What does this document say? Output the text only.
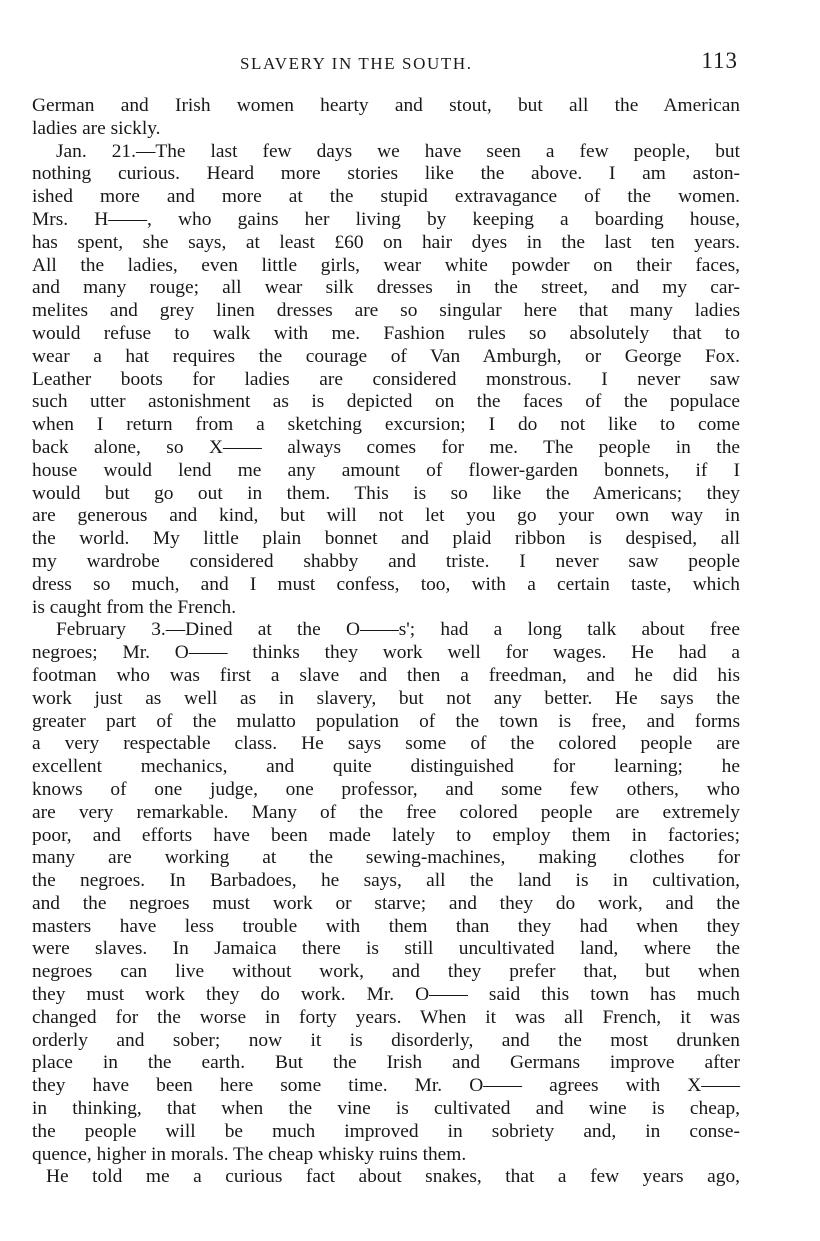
SLAVERY IN THE SOUTH.	113
German and Irish women hearty and stout, but all the American
ladies are sickly.
Jan. 21.—The last few days we have seen a few people, but
nothing curious. Heard more stories like the above. I am aston-
ished more and more at the stupid extravagance of the women.
Mrs. H——, who gains her living by keeping a boarding house,
has spent, she says, at least £60 on hair dyes in the last ten years.
All the ladies, even little girls, wear white powder on their faces,
and many rouge; all wear silk dresses in the street, and my car-
melites and grey linen dresses are so singular here that many ladies
would refuse to walk with me. Fashion rules so absolutely that to
wear a hat requires the courage of Van Amburgh, or George Fox.
Leather boots for ladies are considered monstrous. I never saw
such utter astonishment as is depicted on the faces of the populace
when I return from a sketching excursion; I do not like to come
back alone, so X—— always comes for me. The people in the
house would lend me any amount of flower-garden bonnets, if I
would but go out in them. This is so like the Americans; they
are generous and kind, but will not let you go your own way in
the world. My little plain bonnet and plaid ribbon is despised, all
my wardrobe considered shabby and triste. I never saw people
dress so much, and I must confess, too, with a certain taste, which
is caught from the French.
February 3.—Dined at the O——s'; had a long talk about free
negroes; Mr. O—— thinks they work well for wages. He had a
footman who was first a slave and then a freedman, and he did his
work just as well as in slavery, but not any better. He says the
greater part of the mulatto population of the town is free, and forms
a very respectable class. He says some of the colored people are
excellent mechanics, and quite distinguished for learning; he
knows of one judge, one professor, and some few others, who
are very remarkable. Many of the free colored people are extremely
poor, and efforts have been made lately to employ them in factories;
many are working at the sewing-machines, making clothes for
the negroes. In Barbadoes, he says, all the land is in cultivation,
and the negroes must work or starve; and they do work, and the
masters have less trouble with them than they had when they
were slaves. In Jamaica there is still uncultivated land, where the
negroes can live without work, and they prefer that, but when
they must work they do work. Mr. O—— said this town has much
changed for the worse in forty years. When it was all French, it was
orderly and sober; now it is disorderly, and the most drunken
place in the earth. But the Irish and Germans improve after
they have been here some time. Mr. O—— agrees with X——
in thinking, that when the vine is cultivated and wine is cheap,
the people will be much improved in sobriety and, in conse-
quence, higher in morals. The cheap whisky ruins them.
He told me a curious fact about snakes, that a few years ago,
